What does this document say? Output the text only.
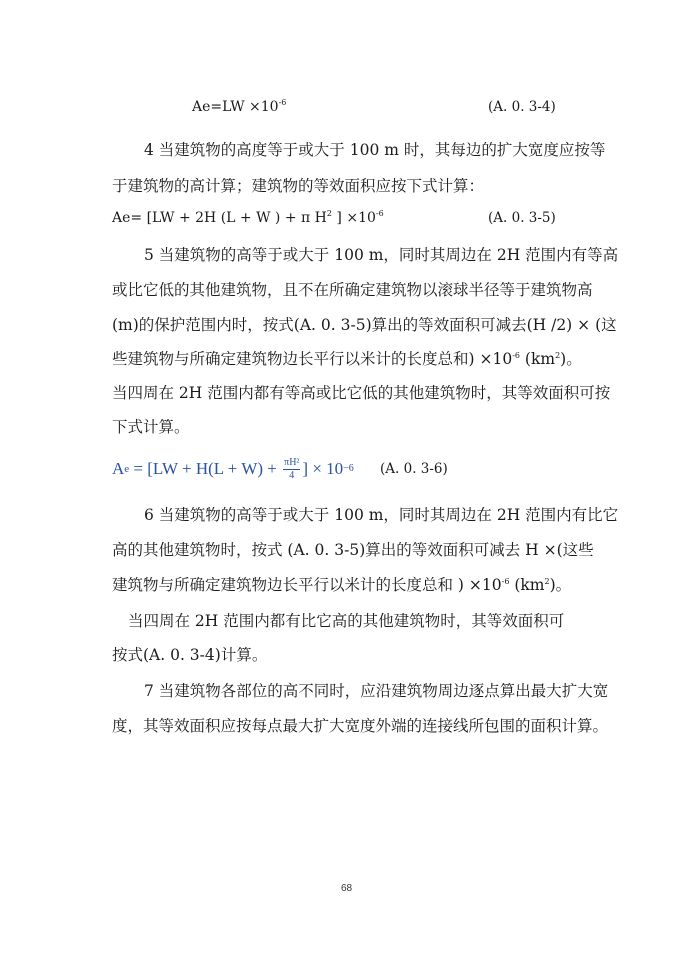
$Ae=LW \times 10^{-6}$	(A. 0. 3-4)
4 当建筑物的高度等于或大于 100 m 时，其每边的扩大宽度应按等
于建筑物的高计算；建筑物的等效面积应按下式计算：
Ae= [LW + 2H (L + W ) + π $H^2$ ] $\times 10^{-6}$	(A. 0. 3-5)
5 当建筑物的高等于或大于 100 m，同时其周边在 2H 范围内有等高
或比它低的其他建筑物，且不在所确定建筑物以滚球半径等于建筑物高
(m)的保护范围内时，按式(A. 0. 3-5)算出的等效面积可减去(H /2) × (这
些建筑物与所确定建筑物边长平行以米计的长度总和) $\times 10^{-6}$ $(km^2)$。
当四周在 2H 范围内都有等高或比它低的其他建筑物时，其等效面积可按
下式计算。
A $e = [LW + H(L + W) + \frac{\text{πH²}}{4}$ ] × 10 −6 (A. 0. 3-6)
6 当建筑物的高等于或大于 100 m，同时其周边在 2H 范围内有比它
高的其他建筑物时，按式 (A. 0. 3-5)算出的等效面积可减去 H ×(这些
建筑物与所确定建筑物边长平行以米计的长度总和 ) $\times 10^{-6}$ $(km^2)$。
当四周在 2H 范围内都有比它高的其他建筑物时，其等效面积可
按式(A. 0. 3-4)计算。
7 当建筑物各部位的高不同时，应沿建筑物周边逐点算出最大扩大宽
度，其等效面积应按每点最大扩大宽度外端的连接线所包围的面积计算。
68
